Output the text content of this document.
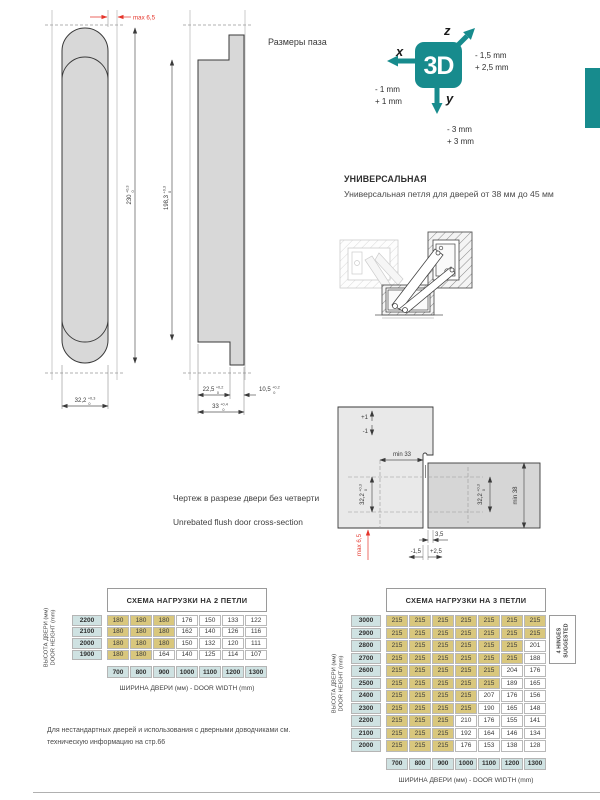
max 6,5
$230^{+0,3}$ 0
$198,3^{+0,3}$ 0
32,2 $^{+0,3}$ 0
22,5 $^{+0,2}$ 0	10,5 $^{+0,2}$ 0
33 $^{+0,4}$ 0
Размеры паза
3D
x
z
y
- 1,5 mm
+ 2,5 mm
- 1 mm
+ 1 mm
- 3 mm
+ 3 mm
УНИВЕРСАЛЬНАЯ
Универсальная петля для дверей от 38 мм до 45 мм
+1
-1
min 33
$32,2^{+0,3}$ 0
$32,2^{+0,3}$ 0	min 38
3,5
-1,5 +2,5
max 6,5
Чертеж в разрезе двери без четверти
Unrebated flush door cross-section
СХЕМА НАГРУЗКИ НА 2 ПЕТЛИ
2200	180	180	180	176	150	133	122
2100	180	180	180	162	140	126	116
2000	180	180	180	150	132	120	111
1900	180	180	164	140	125	114	107
700	800	900	1000	1100	1200	1300
ШИРИНА ДВЕРИ (мм) - DOOR WIDTH (mm)
ВЫСОТА ДВЕРИ (мм) DOOR HEIGHT (mm)
СХЕМА НАГРУЗКИ НА 3 ПЕТЛИ
3000	215	215	215	215	215	215	215
2900	215	215	215	215	215	215	215
2800	215	215	215	215	215	215	201
2700	215	215	215	215	215	215	188
2600	215	215	215	215	215	204	176
2500	215	215	215	215	215	189	165
2400	215	215	215	215	207	176	156
2300	215	215	215	215	190	165	148
2200	215	215	215	210	176	155	141
2100	215	215	215	192	164	146	134
2000	215	215	215	176	153	138	128
700	800	900	1000	1100	1200	1300
ШИРИНА ДВЕРИ (мм) - DOOR WIDTH (mm)
ВЫСОТА ДВЕРИ (мм) DOOR HEIGHT (mm)
4 HINGES SUGGESTED
Для нестандартных дверей и использования с дверными доводчиками см.
техническую информацию на стр.66
